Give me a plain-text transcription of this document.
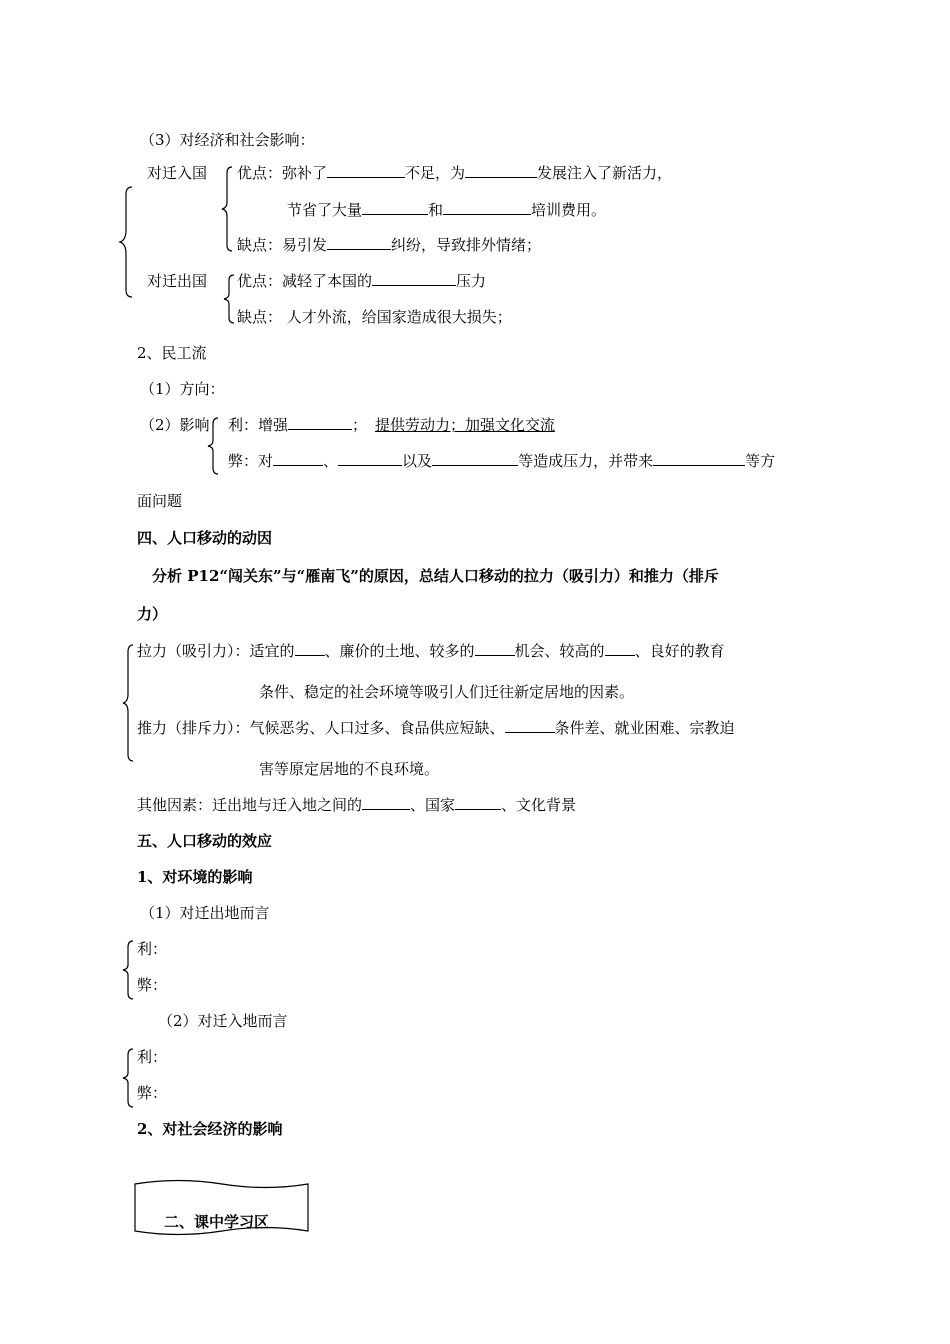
（3）对经济和社会影响：
对迁入国 优点：弥补了	不足，为	发展注入了新活力，
节省了大量	和	培训费用。
缺点：易引发	纠纷，导致排外情绪；
对迁出国 优点：减轻了本国的	压力
缺点： 人才外流，给国家造成很大损失；
2、民工流
（1）方向：
（2）影响 利：增强	； 提供劳动力；加强文化交流
弊：对	、	以及	等造成压力，并带来	等方
面问题
四、人口移动的动因
分析 P12“闯关东”与“雁南飞”的原因，总结人口移动的拉力（吸引力）和推力（排斥
力）
拉力（吸引力）：适宜的 、廉价的土地、较多的	机会、较高的 、良好的教育
条件、稳定的社会环境等吸引人们迁往新定居地的因素。
推力（排斥力）：气候恶劣、人口过多、食品供应短缺、	条件差、就业困难、宗教迫
害等原定居地的不良环境。
其他因素：迁出地与迁入地之间的	、国家	、文化背景
五、人口移动的效应
1、对环境的影响
（1）对迁出地而言
利：
弊：
（2）对迁入地而言
利：
弊：
2、对社会经济的影响
二、课中学习区
